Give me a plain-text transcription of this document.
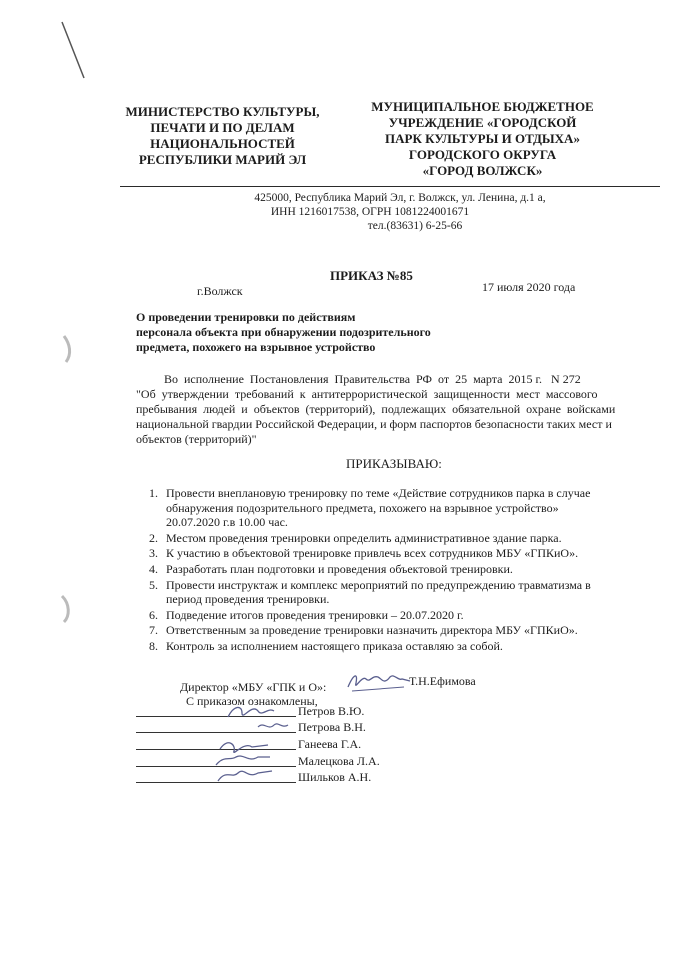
МИНИСТЕРСТВО КУЛЬТУРЫ,
ПЕЧАТИ И ПО ДЕЛАМ
НАЦИОНАЛЬНОСТЕЙ
РЕСПУБЛИКИ МАРИЙ ЭЛ
МУНИЦИПАЛЬНОЕ БЮДЖЕТНОЕ
УЧРЕЖДЕНИЕ «ГОРОДСКОЙ
ПАРК КУЛЬТУРЫ И ОТДЫХА»
ГОРОДСКОГО ОКРУГА
«ГОРОД ВОЛЖСК»
425000, Республика Марий Эл, г. Волжск, ул. Ленина, д.1 а,
ИНН 1216017538, ОГРН 1081224001671
тел.(83631) 6-25-66
ПРИКАЗ №85
г.Волжск	17 июля 2020 года
О проведении тренировки по действиям
персонала объекта при обнаружении подозрительного
предмета, похожего на взрывное устройство
Во  исполнение  Постановления  Правительства  РФ  от  25  марта  2015 г.   N 272
"Об  утверждении  требований  к  антитеррористической  защищенности  мест  массового
пребывания  людей  и  объектов  (территорий),  подлежащих  обязательной  охране  войсками
национальной гвардии Российской Федерации, и форм паспортов безопасности таких мест и
объектов (территорий)"
ПРИКАЗЫВАЮ:
1. Провести внеплановую тренировку по теме «Действие сотрудников парка в случае
обнаружения подозрительного предмета, похожего на взрывное устройство»
20.07.2020 г.в 10.00 час.
2. Местом проведения тренировки определить административное здание парка.
3. К участию в объектовой тренировке привлечь всех сотрудников МБУ «ГПКиО».
4. Разработать план подготовки и проведения объектовой тренировки.
5. Провести инструктаж и комплекс мероприятий по предупреждению травматизма в
период проведения тренировки.
6. Подведение итогов проведения тренировки – 20.07.2020 г.
7. Ответственным за проведение тренировки назначить директора МБУ «ГПКиО».
8. Контроль за исполнением настоящего приказа оставляю за собой.
Директор «МБУ «ГПК и О»:	Т.Н.Ефимова
С приказом ознакомлены,
Петров В.Ю.
Петрова В.Н.
Ганеева Г.А.
Малецкова Л.А.
Шильков А.Н.
